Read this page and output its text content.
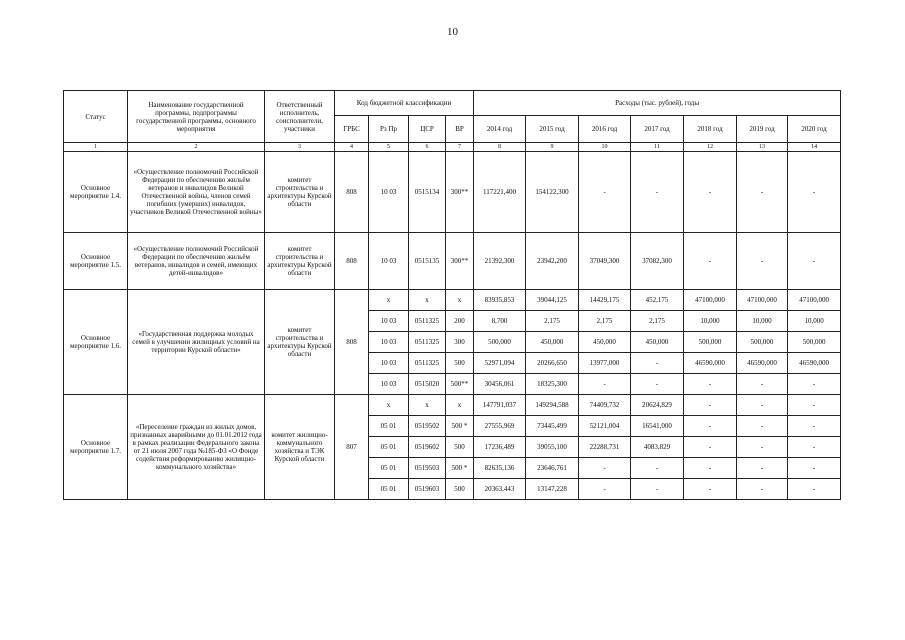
10
Статус	Наименование государственной программы, подпрограммы государственной программы, основного мероприятия	Ответственный исполнитель, соисполнители, участники	Код бюджетной классификации				Расходы (тыс. рублей), годы						
			ГРБС	Рз Пр	ЦСР	ВР	2014 год	2015 год	2016 год	2017 год	2018 год	2019 год	2020 год
1	2	3	4	5	6	7	8	9	10	11	12	13	14
Основное мероприятие 1.4.	«Осуществление полномочий Российской Федерации по обеспечению жильём ветеранов и инвалидов Великой Отечественной войны, членов семей погибших (умерших) инвалидов, участников Великой Отечественной войны»	комитет строительства и архитектуры Курской области	808	10 03	0515134	300**	117221,400	154122,300	-	-	-	-	-
Основное мероприятие 1.5.	«Осуществление полномочий Российской Федерации по обеспечению жильём ветеранов, инвалидов и семей, имеющих детей-инвалидов»	комитет строительства и архитектуры Курской области	808	10 03	0515135	300**	21392,300	23942,200	37049,300	37082,300	-	-	-
Основное мероприятие 1.6.	«Государственная поддержка молодых семей в улучшении жилищных условий на территории Курской области»	комитет строительства и архитектуры Курской области	808	х	х	х	83935,853	39044,125	14429,175	452,175	47100,000	47100,000	47100,000
				10 03	0511325	200	8,700	2,175	2,175	2,175	10,000	10,000	10,000
				10 03	0511325	300	500,000	450,000	450,000	450,000	500,000	500,000	500,000
				10 03	0511325	500	52971,094	20266,650	13977,000	-	46590,000	46590,000	46590,000
				10 03	0515020	500**	30456,061	18325,300	-	-	-	-	-
Основное мероприятие 1.7.	«Переселение граждан из жилых домов, признанных аварийными до 01.01.2012 года в рамках реализации Федерального закона от 21 июля 2007 года №185-ФЗ «О Фонде содействия реформированию жилищно-коммунального хозяйства»	комитет жилищно-коммунального хозяйства и ТЭК Курской области	807	х	х	х	147791,037	149294,588	74409,732	20624,829	-	-	-
				05 01	0519502	500 *	27555,969	73445,499	52121,004	16541,000	-	-	-
				05 01	0519602	500	17236,489	39055,100	22288,731	4083,829	-	-	-
				05 01	0519503	500 *	82635,136	23646,761	-	-	-	-	-
				05 01	0519603	500	20363,443	13147,228	-	-	-	-	-
